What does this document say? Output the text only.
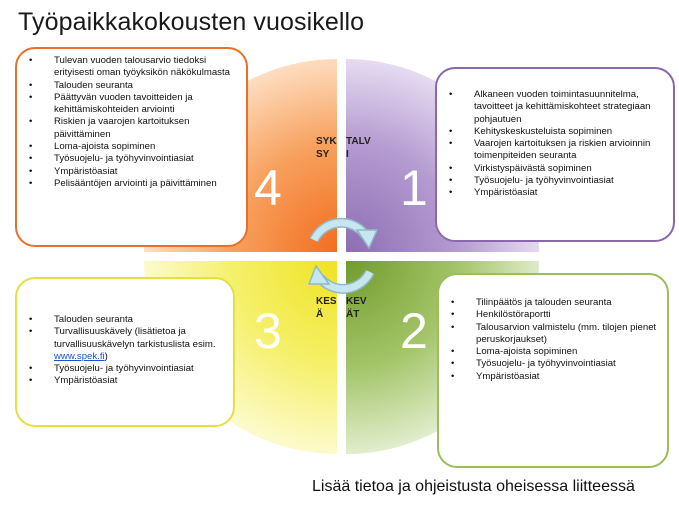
Työpaikkakokousten vuosikello
4 1
3 2
SYKSY
TALVI
KESÄ
KEVÄT
• Tulevan vuoden talousarvio tiedoksi erityisesti oman työyksikön näkökulmasta
• Talouden seuranta
• Päättyvän vuoden tavoitteiden ja kehittämiskohteiden arviointi
• Riskien ja vaarojen kartoituksen päivittäminen
• Loma-ajoista sopiminen
• Työsuojelu- ja työhyvinvointiasiat
• Ympäristöasiat
• Pelisääntöjen arviointi ja päivittäminen
• Alkaneen vuoden toimintasuunnitelma, tavoitteet ja kehittämiskohteet strategiaan pohjautuen
• Kehityskeskusteluista sopiminen
• Vaarojen kartoituksen ja riskien arvioinnin toimenpiteiden seuranta
• Virkistyspäivästä sopiminen
• Työsuojelu- ja työhyvinvointiasiat
• Ympäristöasiat
• Talouden seuranta
• Turvallisuuskävely (lisätietoa ja turvallisuuskävelyn tarkistuslista esim. www.spek.fi)
• Työsuojelu- ja työhyvinvointiasiat
• Ympäristöasiat
• Tilinpäätös ja talouden seuranta
• Henkilöstöraportti
• Talousarvion valmistelu (mm. tilojen pienet peruskorjaukset)
• Loma-ajoista sopiminen
• Työsuojelu- ja työhyvinvointiasiat
• Ympäristöasiat
Lisää tietoa ja ohjeistusta oheisessa liitteessä
